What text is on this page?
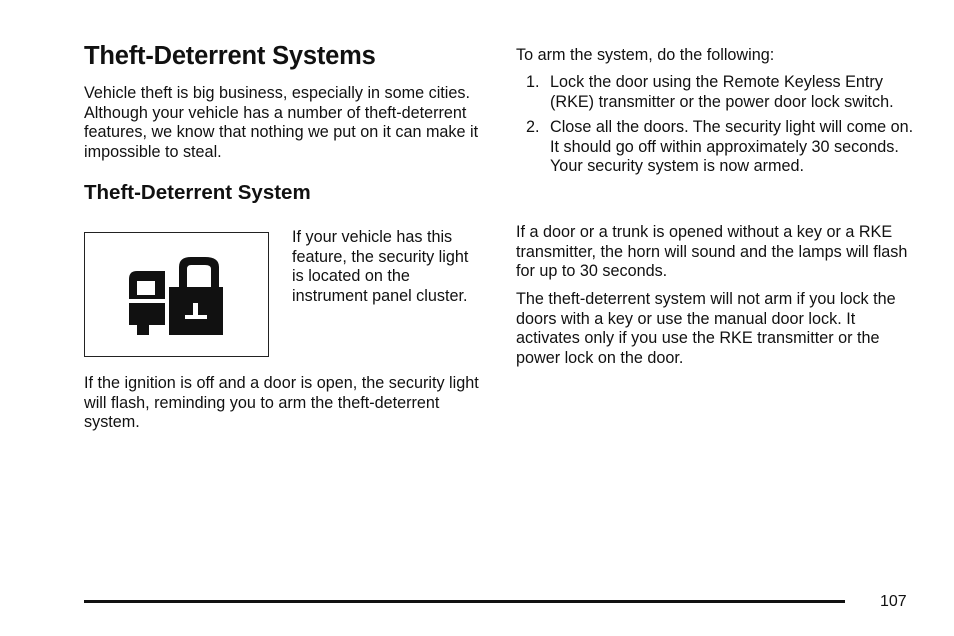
Theft-Deterrent Systems

Vehicle theft is big business, especially in some cities. Although your vehicle has a number of theft-deterrent features, we know that nothing we put on it can make it impossible to steal.

Theft-Deterrent System

If your vehicle has this feature, the security light is located on the instrument panel cluster.

If the ignition is off and a door is open, the security light will flash, reminding you to arm the theft-deterrent system.

To arm the system, do the following:

1. Lock the door using the Remote Keyless Entry (RKE) transmitter or the power door lock switch.
2. Close all the doors. The security light will come on. It should go off within approximately 30 seconds. Your security system is now armed.

If a door or a trunk is opened without a key or a RKE transmitter, the horn will sound and the lamps will flash for up to 30 seconds.

The theft-deterrent system will not arm if you lock the doors with a key or use the manual door lock. It activates only if you use the RKE transmitter or the power lock on the door.

107
